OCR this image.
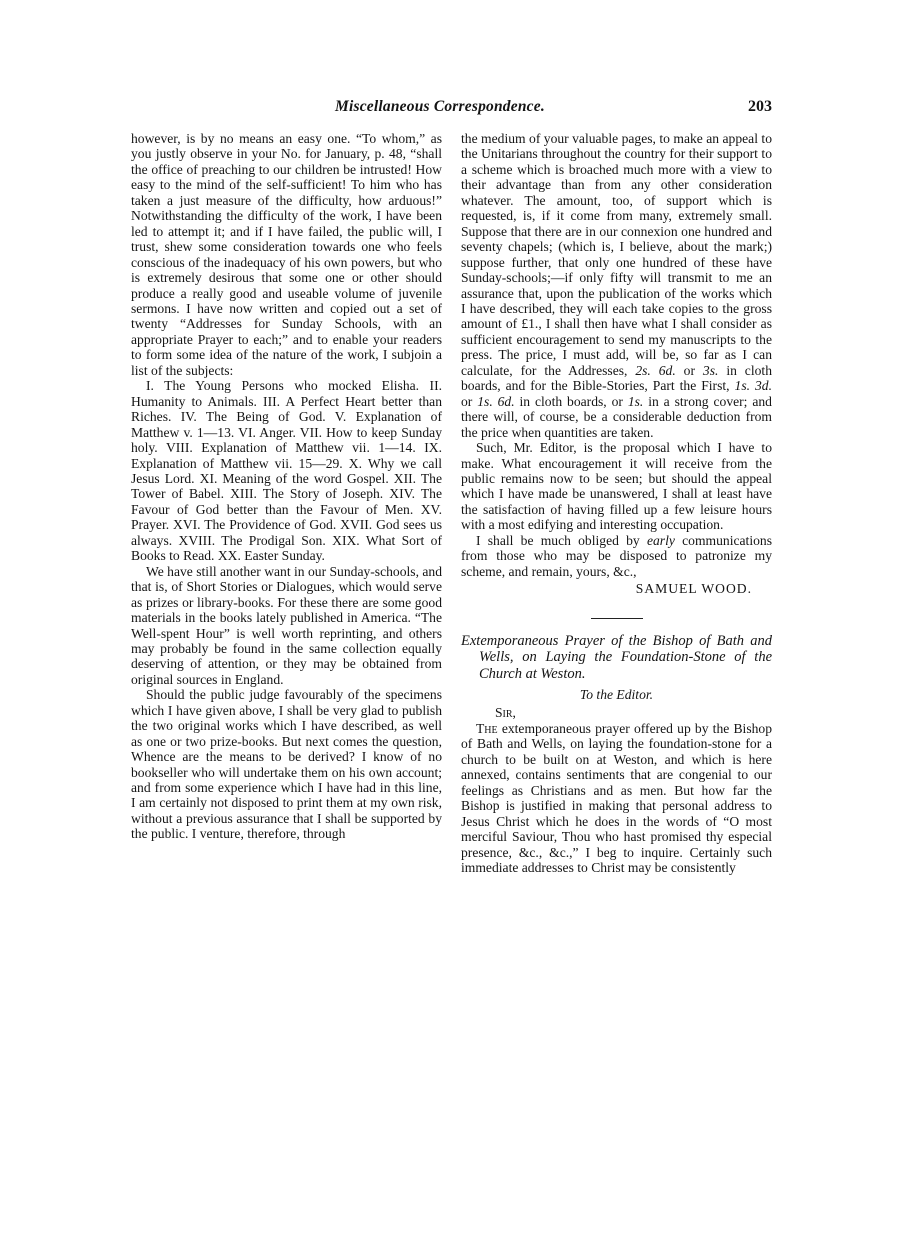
Miscellaneous Correspondence.	203

however, is by no means an easy one. “To whom,” as you justly observe in your No. for January, p. 48, “shall the office of preaching to our children be intrusted! How easy to the mind of the self-sufficient! To him who has taken a just measure of the difficulty, how arduous!” Notwithstanding the difficulty of the work, I have been led to attempt it; and if I have failed, the public will, I trust, shew some consideration towards one who feels conscious of the inadequacy of his own powers, but who is extremely desirous that some one or other should produce a really good and useable volume of juvenile sermons. I have now written and copied out a set of twenty “Addresses for Sunday Schools, with an appropriate Prayer to each;” and to enable your readers to form some idea of the nature of the work, I subjoin a list of the subjects:

I. The Young Persons who mocked Elisha. II. Humanity to Animals. III. A Perfect Heart better than Riches. IV. The Being of God. V. Explanation of Matthew v. 1—13. VI. Anger. VII. How to keep Sunday holy. VIII. Explanation of Matthew vii. 1—14. IX. Explanation of Matthew vii. 15—29. X. Why we call Jesus Lord. XI. Meaning of the word Gospel. XII. The Tower of Babel. XIII. The Story of Joseph. XIV. The Favour of God better than the Favour of Men. XV. Prayer. XVI. The Providence of God. XVII. God sees us always. XVIII. The Prodigal Son. XIX. What Sort of Books to Read. XX. Easter Sunday.

We have still another want in our Sunday-schools, and that is, of Short Stories or Dialogues, which would serve as prizes or library-books. For these there are some good materials in the books lately published in America. “The Well-spent Hour” is well worth reprinting, and others may probably be found in the same collection equally deserving of attention, or they may be obtained from original sources in England.

Should the public judge favourably of the specimens which I have given above, I shall be very glad to publish the two original works which I have described, as well as one or two prize-books. But next comes the question, Whence are the means to be derived? I know of no bookseller who will undertake them on his own account; and from some experience which I have had in this line, I am certainly not disposed to print them at my own risk, without a previous assurance that I shall be supported by the public. I venture, therefore, through

the medium of your valuable pages, to make an appeal to the Unitarians throughout the country for their support to a scheme which is broached much more with a view to their advantage than from any other consideration whatever. The amount, too, of support which is requested, is, if it come from many, extremely small. Suppose that there are in our connexion one hundred and seventy chapels; (which is, I believe, about the mark;) suppose further, that only one hundred of these have Sunday-schools;—if only fifty will transmit to me an assurance that, upon the publication of the works which I have described, they will each take copies to the gross amount of £1., I shall then have what I shall consider as sufficient encouragement to send my manuscripts to the press. The price, I must add, will be, so far as I can calculate, for the Addresses, 2s. 6d. or 3s. in cloth boards, and for the Bible-Stories, Part the First, 1s. 3d. or 1s. 6d. in cloth boards, or 1s. in a strong cover; and there will, of course, be a considerable deduction from the price when quantities are taken.

Such, Mr. Editor, is the proposal which I have to make. What encouragement it will receive from the public remains now to be seen; but should the appeal which I have made be unanswered, I shall at least have the satisfaction of having filled up a few leisure hours with a most edifying and interesting occupation.

I shall be much obliged by early communications from those who may be disposed to patronize my scheme, and remain, yours, &c.,

SAMUEL WOOD.

Extemporaneous Prayer of the Bishop of Bath and Wells, on Laying the Foundation-Stone of the Church at Weston.

To the Editor.

Sir,

The extemporaneous prayer offered up by the Bishop of Bath and Wells, on laying the foundation-stone for a church to be built on at Weston, and which is here annexed, contains sentiments that are congenial to our feelings as Christians and as men. But how far the Bishop is justified in making that personal address to Jesus Christ which he does in the words of “O most merciful Saviour, Thou who hast promised thy especial presence, &c., &c.,” I beg to inquire. Certainly such immediate addresses to Christ may be consistently
